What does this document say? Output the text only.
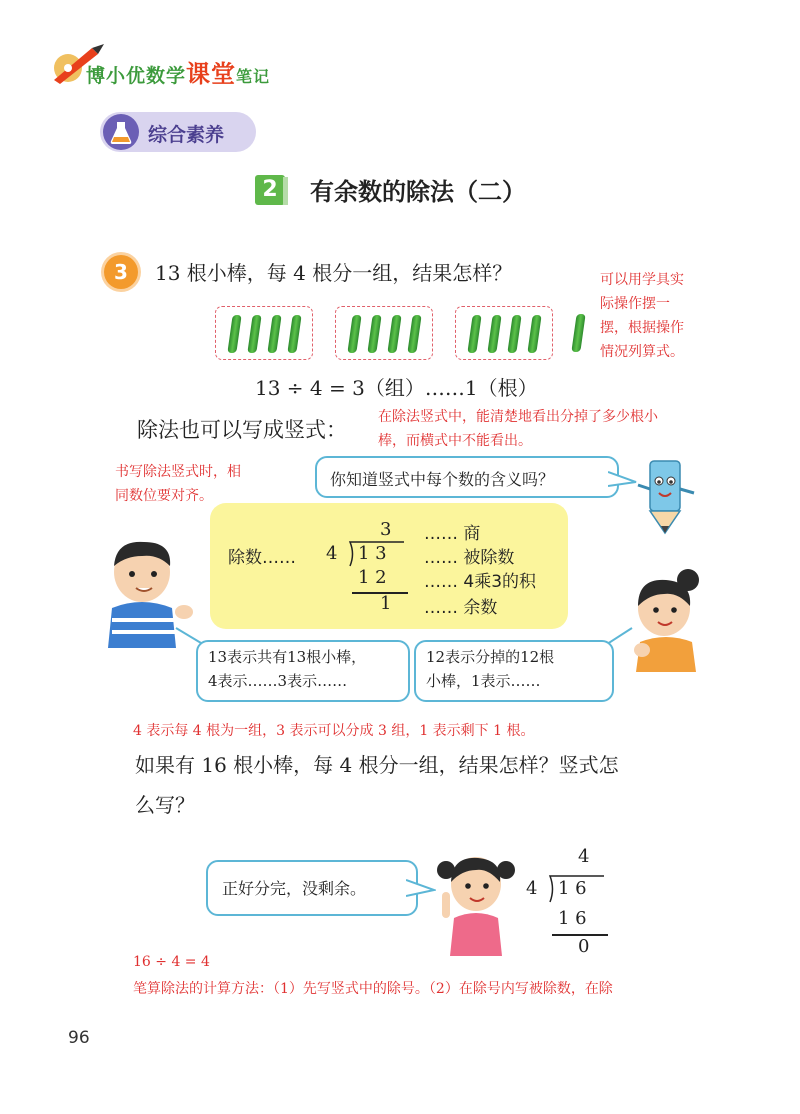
博小优数学课堂笔记
综合素养
2	有余数的除法（二）
3	13 根小棒，每 4 根分一组，结果怎样？	可以用学具实
际操作摆一
摆，根据操作
情况列算式。
13 ÷ 4 = 3（组）……1（根）
除法也可以写成竖式：
在除法竖式中，能清楚地看出分掉了多少根小
棒，而横式中不能看出。
书写除法竖式时，相
同数位要对齐。
你知道竖式中每个数的含义吗？
除数……
3
4 1 3
1 2
1
…… 商
…… 被除数
…… 4乘3的积
…… 余数
13表示共有13根小棒，
4表示……3表示……
12表示分掉的12根
小棒，1表示……
4 表示每 4 根为一组，3 表示可以分成 3 组，1 表示剩下 1 根。
如果有 16 根小棒，每 4 根分一组，结果怎样？竖式怎
么写？
正好分完，没剩余。
4
4 1 6
1 6
0
16 ÷ 4 = 4
笔算除法的计算方法：（1）先写竖式中的除号。（2）在除号内写被除数，在除
96
